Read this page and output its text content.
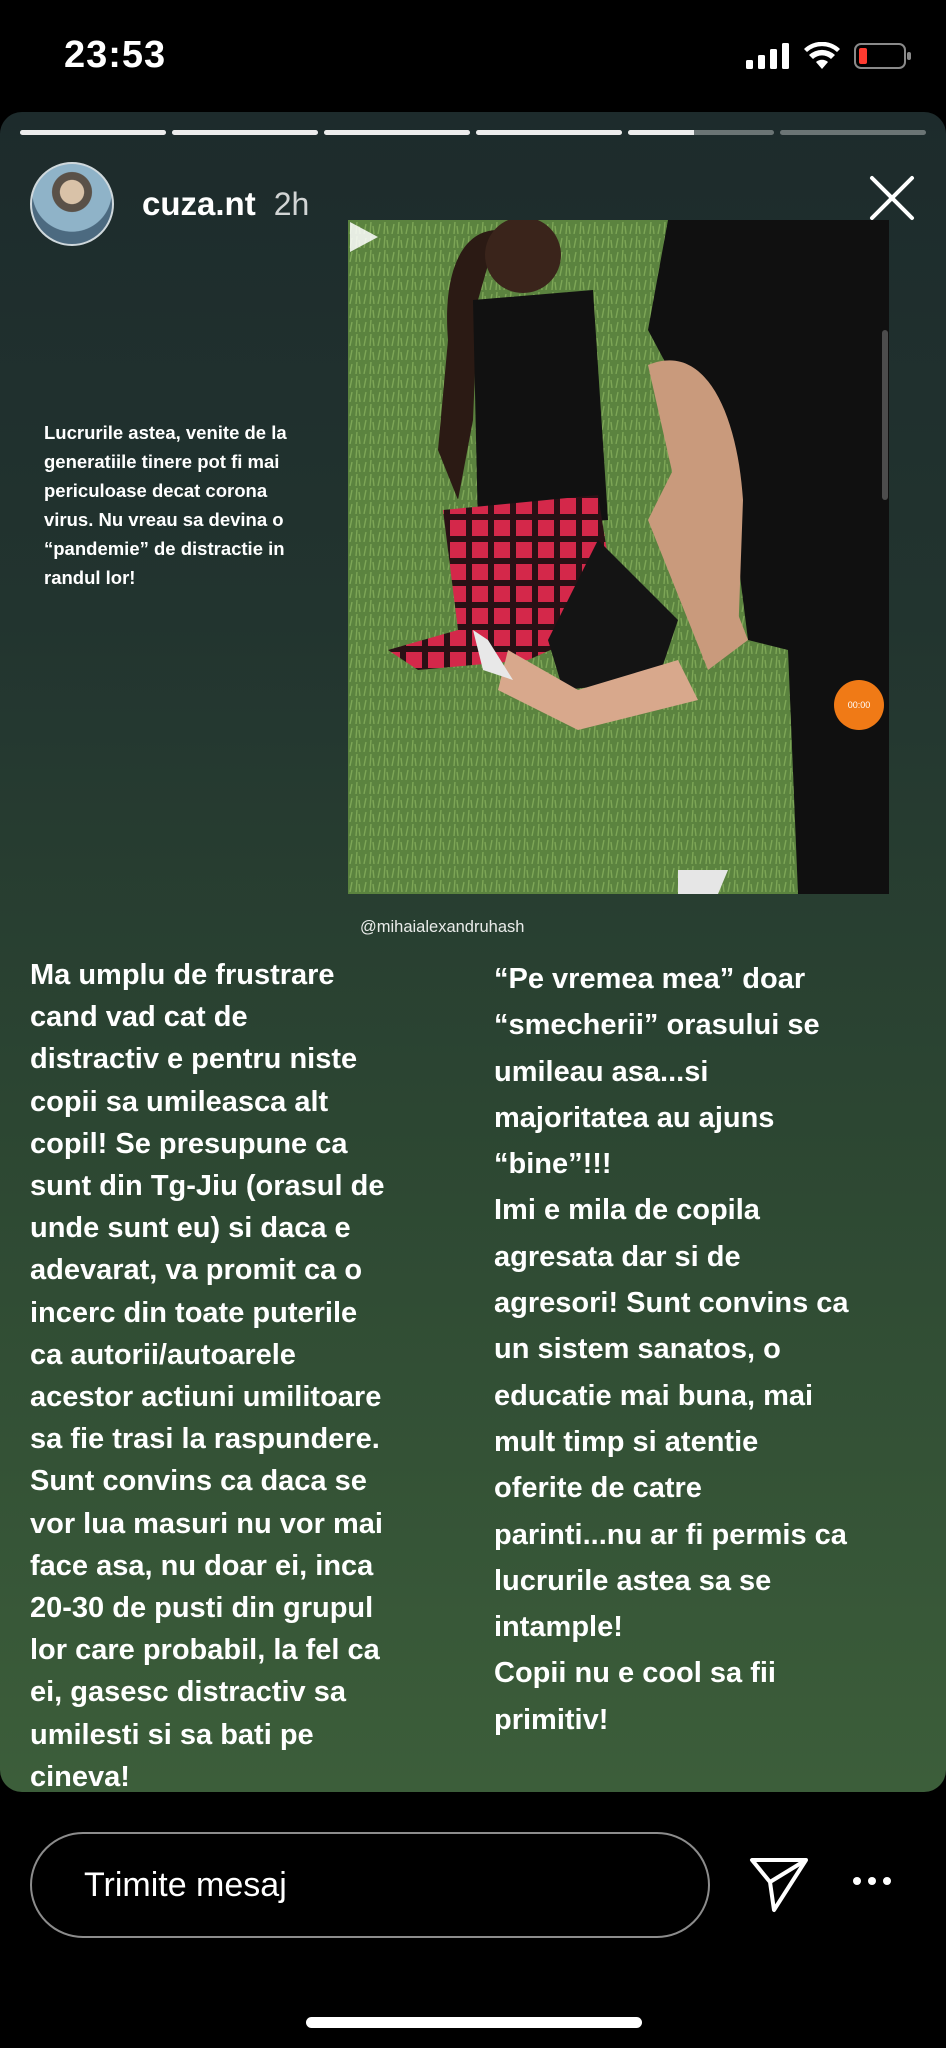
23:53
cuza.nt 2h
Lucrurile astea, venite de la generatiile tinere pot fi mai periculoase decat corona virus. Nu vreau sa devina o “pandemie” de distractie in randul lor!
00:00
@mihaialexandruhash
Ma umplu de frustrare
cand vad cat de
distractiv e pentru niste
copii sa umileasca alt
copil! Se presupune ca
sunt din Tg-Jiu (orasul de
unde sunt eu) si daca e
adevarat, va promit ca o
incerc din toate puterile
ca autorii/autoarele
acestor actiuni umilitoare
sa fie trasi la raspundere.
Sunt convins ca daca se
vor lua masuri nu vor mai
face asa, nu doar ei, inca
20-30 de pusti din grupul
lor care probabil, la fel ca
ei, gasesc distractiv sa
umilesti si sa bati pe
cineva!
“Pe vremea mea” doar
“smecherii” orasului se
umileau asa...si
majoritatea au ajuns
“bine”!!!
Imi e mila de copila
agresata dar si de
agresori! Sunt convins ca
un sistem sanatos, o
educatie mai buna, mai
mult timp si atentie
oferite de catre
parinti...nu ar fi permis ca
lucrurile astea sa se
intample!
Copii nu e cool sa fii
primitiv!
Trimite mesaj
